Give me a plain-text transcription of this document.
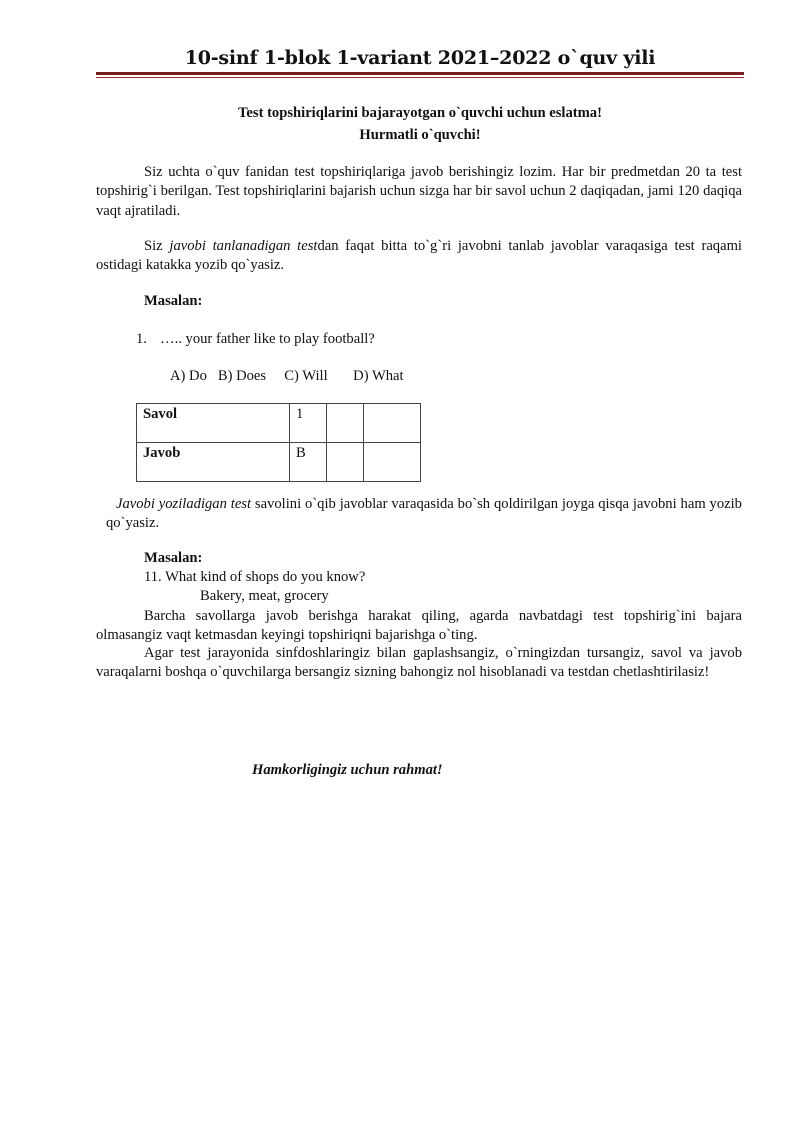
10-sinf 1-blok 1-variant 2021–2022 o`quv yili
Test topshiriqlarini bajarayotgan o`quvchi uchun eslatma!
Hurmatli o`quvchi!
Siz uchta o`quv fanidan test topshiriqlariga javob berishingiz lozim. Har bir predmetdan 20 ta test topshirig`i berilgan. Test topshiriqlarini bajarish uchun sizga har bir savol uchun 2 daqiqadan, jami 120 daqiqa vaqt ajratiladi.
Siz javobi tanlanadigan testdan faqat bitta to`g`ri javobni tanlab javoblar varaqasiga test raqami ostidagi katakka yozib qo`yasiz.
Masalan:
1. ….. your father like to play football?
A) Do   B) Does     C) Will       D) What
Savol	1		
Javob	B		
Javobi yoziladigan test savolini o`qib javoblar varaqasida bo`sh qoldirilgan joyga qisqa javobni ham yozib qo`yasiz.
Masalan:
11. What kind of shops do you know?
Bakery, meat, grocery
Barcha savollarga javob berishga harakat qiling, agarda navbatdagi test topshirig`ini bajara olmasangiz vaqt ketmasdan keyingi topshiriqni bajarishga o`ting.
Agar test jarayonida sinfdoshlaringiz bilan gaplashsangiz, o`rningizdan tursangiz, savol va javob varaqalarni boshqa o`quvchilarga bersangiz sizning bahongiz nol hisoblanadi va testdan chetlashtirilasiz!
Hamkorligingiz uchun rahmat!
